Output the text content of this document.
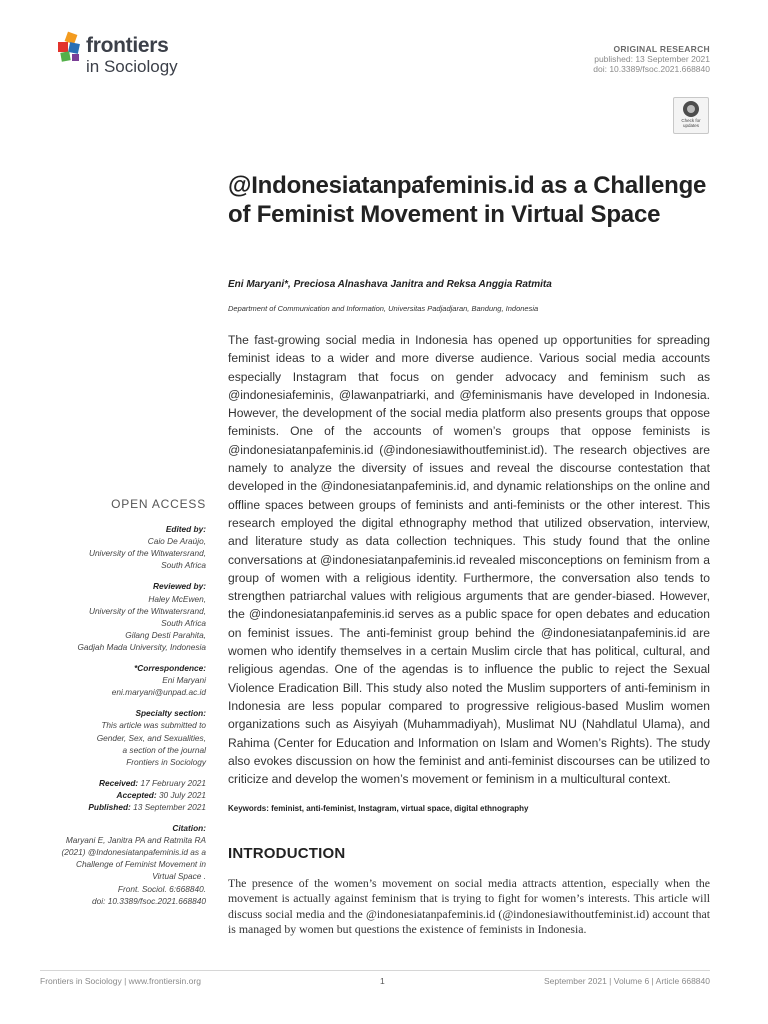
frontiers
in Sociology
ORIGINAL RESEARCH
published: 13 September 2021
doi: 10.3389/fsoc.2021.668840
Check for updates
@Indonesiatanpafeminis.id as a Challenge of Feminist Movement in Virtual Space
Eni Maryani*, Preciosa Alnashava Janitra and Reksa Anggia Ratmita
Department of Communication and Information, Universitas Padjadjaran, Bandung, Indonesia
The fast-growing social media in Indonesia has opened up opportunities for spreading feminist ideas to a wider and more diverse audience. Various social media accounts especially Instagram that focus on gender advocacy and feminism such as @indonesiafeminis, @lawanpatriarki, and @feminismanis have developed in Indonesia. However, the development of the social media platform also presents groups that oppose feminists. One of the accounts of women’s groups that oppose feminists is @indonesiatanpafeminis.id (@indonesiawithoutfeminist.id). The research objectives are namely to analyze the diversity of issues and reveal the discourse contestation that developed in the @indonesiatanpafeminis.id, and dynamic relationships on the online and offline spaces between groups of feminists and anti-feminists or the other interest. This research employed the digital ethnography method that utilized observation, interview, and literature study as data collection techniques. This study found that the online conversations at @indonesiatanpafeminis.id revealed misconceptions on feminism from a group of women with a religious identity. Furthermore, the conversation also tends to strengthen patriarchal values with religious arguments that are gender-biased. However, the @indonesiatanpafeminis.id serves as a public space for open debates and education on feminist issues. The anti-feminist group behind the @indonesiatanpafeminis.id are women who identify themselves in a certain Muslim circle that has political, cultural, and religious agendas. One of the agendas is to influence the public to reject the Sexual Violence Eradication Bill. This study also noted the Muslim supporters of anti-feminism in Indonesia are less popular compared to progressive religious-based Muslim women organizations such as Aisyiyah (Muhammadiyah), Muslimat NU (Nahdlatul Ulama), and Rahima (Center for Education and Information on Islam and Women’s Rights). The study also evokes discussion on how the feminist and anti-feminist discourses can be utilized to criticize and develop the women’s movement or feminism in a multicultural context.
Keywords: feminist, anti-feminist, Instagram, virtual space, digital ethnography
INTRODUCTION
The presence of the women’s movement on social media attracts attention, especially when the movement is actually against feminism that is trying to fight for women’s interests. This article will discuss social media and the @indonesiatanpafeminis.id (@indonesiawithoutfeminist.id) account that is managed by women but questions the existence of feminists in Indonesia.
OPEN ACCESS
Edited by:
Caio De Araújo,
University of the Witwatersrand,
South Africa
Reviewed by:
Haley McEwen,
University of the Witwatersrand,
South Africa
Gilang Desti Parahita,
Gadjah Mada University, Indonesia
*Correspondence:
Eni Maryani
eni.maryani@unpad.ac.id
Specialty section:
This article was submitted to
Gender, Sex, and Sexualities,
a section of the journal
Frontiers in Sociology
Received: 17 February 2021
Accepted: 30 July 2021
Published: 13 September 2021
Citation:
Maryani E, Janitra PA and Ratmita RA
(2021) @Indonesiatanpafeminis.id as a
Challenge of Feminist Movement in
Virtual Space .
Front. Sociol. 6:668840.
doi: 10.3389/fsoc.2021.668840
Frontiers in Sociology | www.frontiersin.org	1	September 2021 | Volume 6 | Article 668840
